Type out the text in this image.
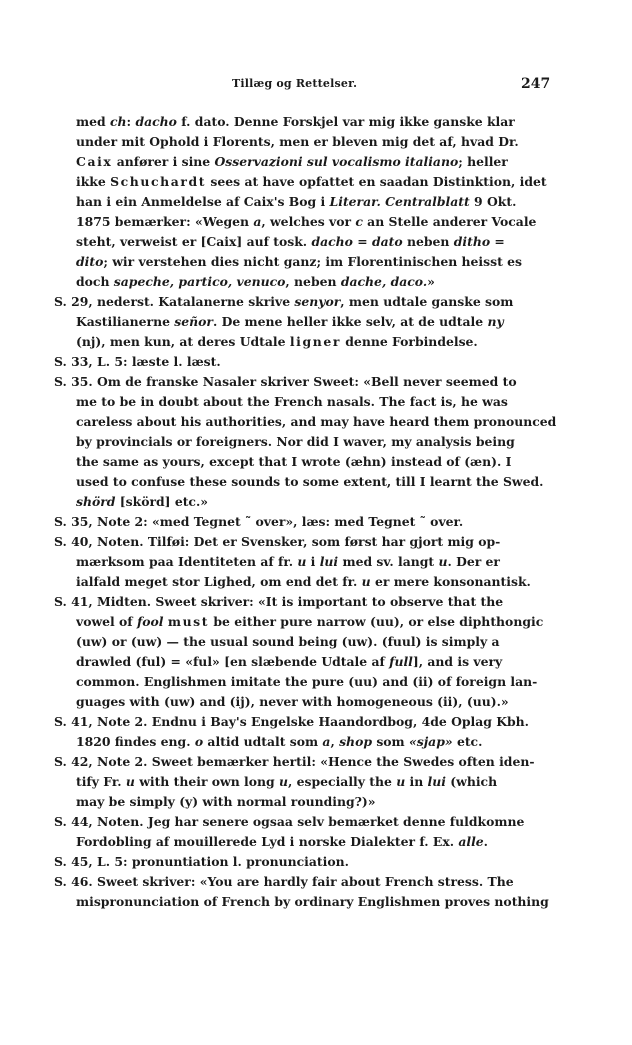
Tillæg og Rettelser.	247
med ch: dacho f. dato. Denne Forskjel var mig ikke ganske klar
under mit Ophold i Florents, men er bleven mig det af, hvad Dr.
Caix anfører i sine Osservazioni sul vocalismo italiano; heller
ikke Schuchardt sees at have opfattet en saadan Distinktion, idet
han i ein Anmeldelse af Caix's Bog i Literar. Centralblatt 9 Okt.
1875 bemærker: «Wegen a, welches vor c an Stelle anderer Vocale
steht, verweist er [Caix] auf tosk. dacho = dato neben ditho =
dito; wir verstehen dies nicht ganz; im Florentinischen heisst es
doch sapeche, partico, venuco, neben dache, daco.»
S. 29, nederst. Katalanerne skrive senyor, men udtale ganske som
Kastilianerne señor. De mene heller ikke selv, at de udtale ny
(nj), men kun, at deres Udtale ligner denne Forbindelse.
S. 33, L. 5: læste l. læst.
S. 35. Om de franske Nasaler skriver Sweet: «Bell never seemed to
me to be in doubt about the French nasals. The fact is, he was
careless about his authorities, and may have heard them pronounced
by provincials or foreigners. Nor did I waver, my analysis being
the same as yours, except that I wrote (æhn) instead of (æn). I
used to confuse these sounds to some extent, till I learnt the Swed.
shörd [skörd] etc.»
S. 35, Note 2: «med Tegnet ˜ over», læs: med Tegnet ˜ over.
S. 40, Noten. Tilføi: Det er Svensker, som først har gjort mig op-
mærksom paa Identiteten af fr. u i lui med sv. langt u. Der er
ialfald meget stor Lighed, om end det fr. u er mere konsonantisk.
S. 41, Midten. Sweet skriver: «It is important to observe that the
vowel of fool must be either pure narrow (uu), or else diphthongic
(uw) or (uw) — the usual sound being (uw). (fuul) is simply a
drawled (ful) = «ful» [en slæbende Udtale af full], and is very
common. Englishmen imitate the pure (uu) and (ii) of foreign lan-
guages with (uw) and (ij), never with homogeneous (ii), (uu).»
S. 41, Note 2. Endnu i Bay's Engelske Haandordbog, 4de Oplag Kbh.
1820 findes eng. o altid udtalt som a, shop som «sjap» etc.
S. 42, Note 2. Sweet bemærker hertil: «Hence the Swedes often iden-
tify Fr. u with their own long u, especially the u in lui (which
may be simply (y) with normal rounding?)»
S. 44, Noten. Jeg har senere ogsaa selv bemærket denne fuldkomne
Fordobling af mouillerede Lyd i norske Dialekter f. Ex. alle.
S. 45, L. 5: pronuntiation l. pronunciation.
S. 46. Sweet skriver: «You are hardly fair about French stress. The
mispronunciation of French by ordinary Englishmen proves nothing
